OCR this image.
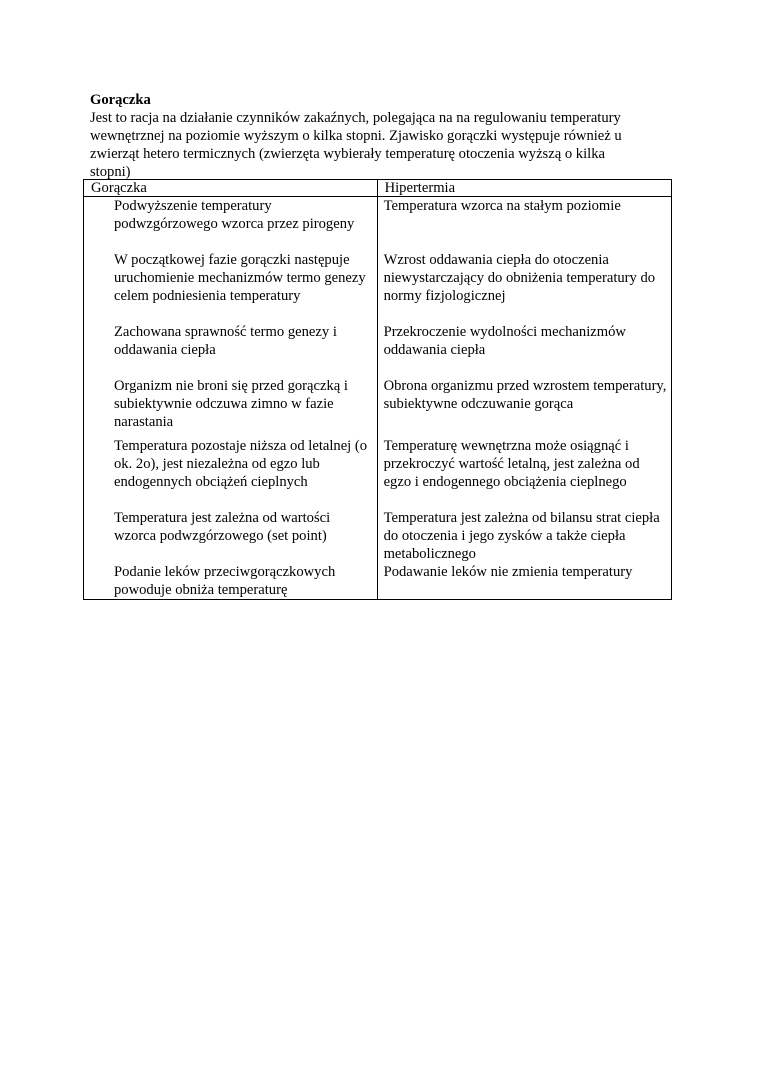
Gorączka

Jest to racja na działanie czynników zakaźnych, polegająca na na regulowaniu temperatury wewnętrznej na poziomie wyższym o kilka stopni. Zjawisko gorączki występuje również u zwierząt hetero termicznych (zwierzęta wybierały temperaturę otoczenia wyższą o kilka stopni)

Gorączka	Hipertermia

Podwyższenie temperatury podwzgórzowego wzorca przez pirogeny	Temperatura wzorca na stałym poziomie

W początkowej fazie gorączki następuje uruchomienie mechanizmów termo genezy celem podniesienia temperatury	Wzrost oddawania ciepła do otoczenia niewystarczający do obniżenia temperatury do normy fizjologicznej

Zachowana sprawność termo genezy i oddawania ciepła	Przekroczenie wydolności mechanizmów oddawania ciepła

Organizm nie broni się przed gorączką i subiektywnie odczuwa zimno w fazie narastania	Obrona organizmu przed wzrostem temperatury, subiektywne odczuwanie gorąca

Temperatura pozostaje niższa od letalnej (o ok. 2o), jest niezależna od egzo lub endogennych obciążeń cieplnych	Temperaturę wewnętrzna może osiągnąć i przekroczyć wartość letalną, jest zależna od egzo i endogennego obciążenia cieplnego

Temperatura jest zależna od wartości wzorca podwzgórzowego (set point)	Temperatura jest zależna od bilansu strat ciepła do otoczenia i jego zysków a także ciepła metabolicznego

Podanie leków przeciwgorączkowych powoduje obniża temperaturę	Podawanie leków nie zmienia temperatury
